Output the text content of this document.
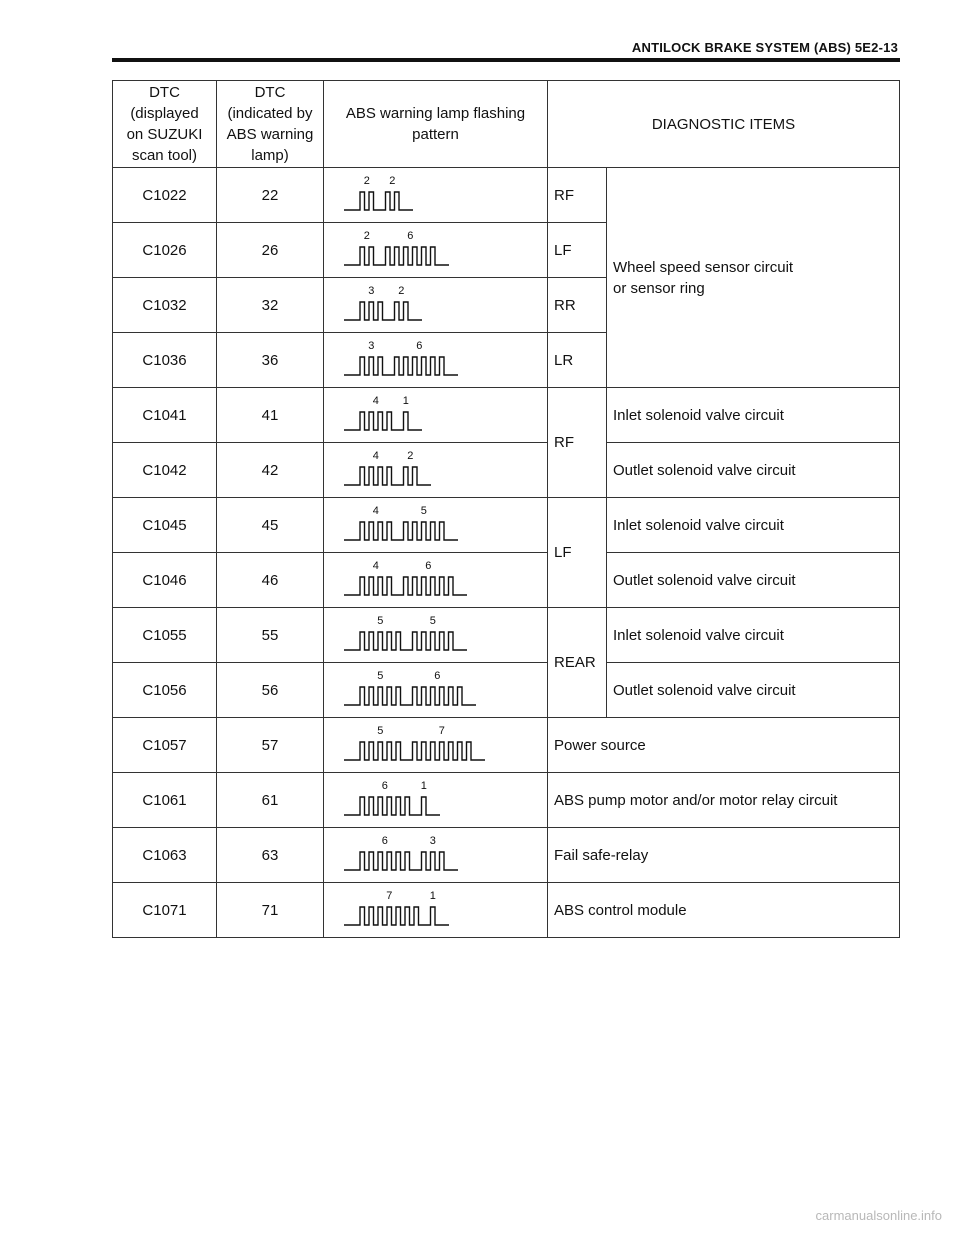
ANTILOCK BRAKE SYSTEM (ABS) 5E2-13
DTC
(displayed
on SUZUKI
scan tool)	DTC
(indicated by
ABS warning
lamp)	ABS warning lamp flashing
pattern	DIAGNOSTIC ITEMS	
C1022	22	2 2	RF	Wheel speed sensor circuit
or sensor ring
C1026	26	2 6	LF	
C1032	32	3 2	RR	
C1036	36	3 6	LR	
C1041	41	4 1	RF	Inlet solenoid valve circuit
C1042	42	4 2		Outlet solenoid valve circuit
C1045	45	4 5	LF	Inlet solenoid valve circuit
C1046	46	4 6		Outlet solenoid valve circuit
C1055	55	5 5	REAR	Inlet solenoid valve circuit
C1056	56	5 6		Outlet solenoid valve circuit
C1057	57	5 7	Power source	
C1061	61	6 1	ABS pump motor and/or motor relay circuit	
C1063	63	6 3	Fail safe-relay	
C1071	71	7 1	ABS control module	
carmanualsonline.info
